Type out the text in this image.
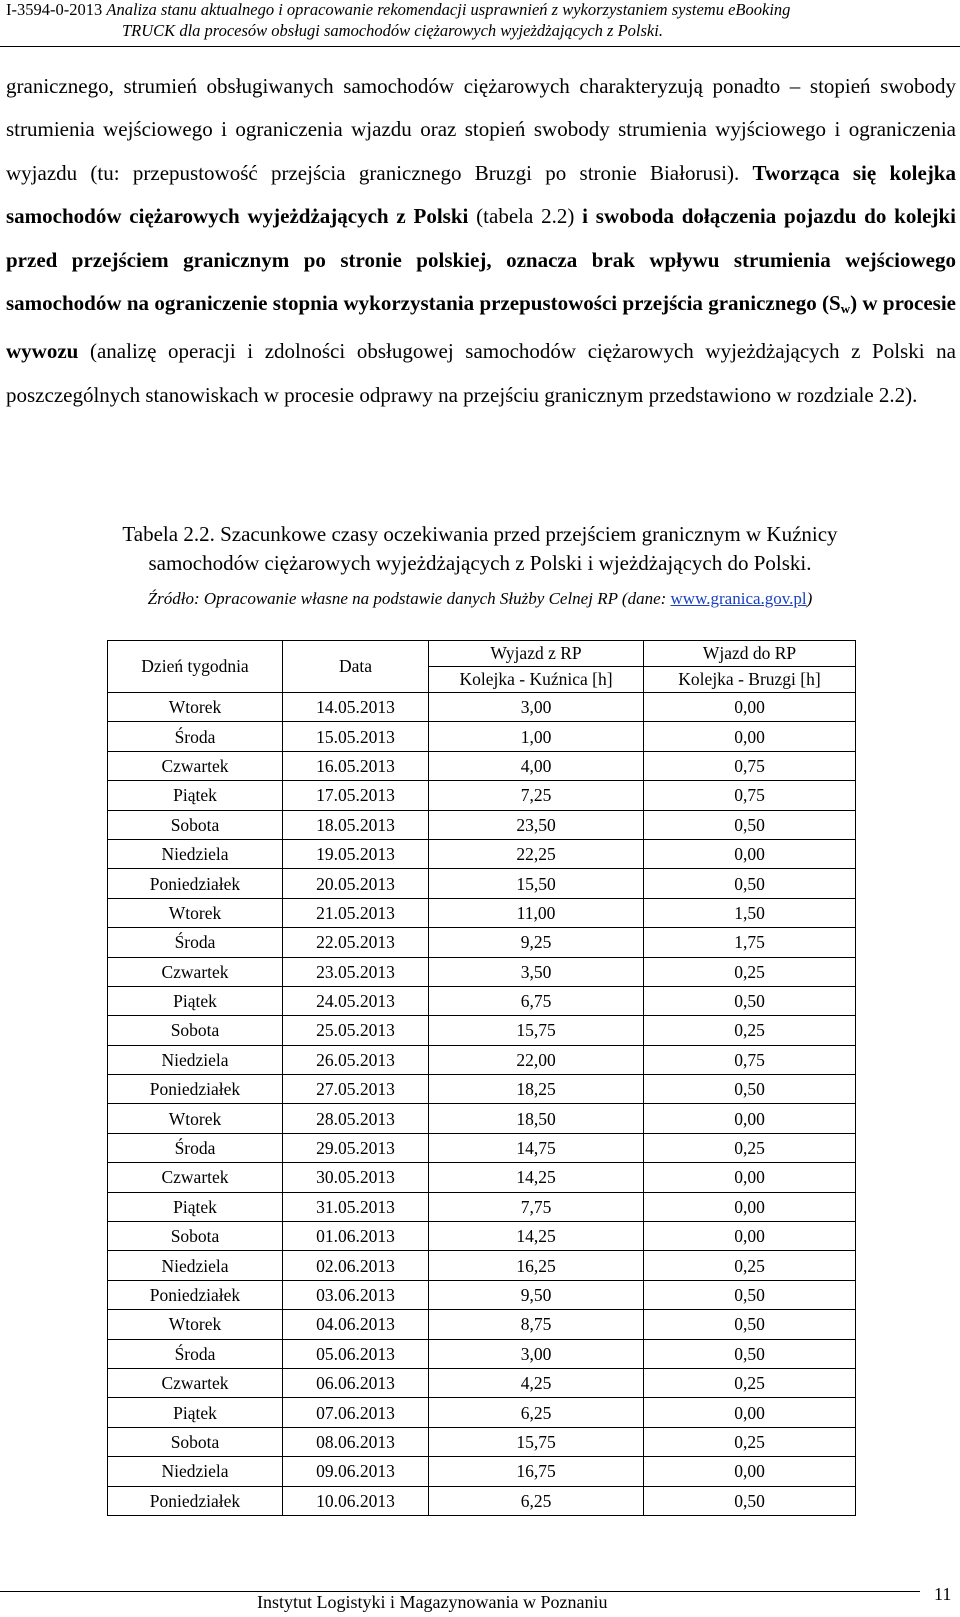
I-3594-0-2013 Analiza stanu aktualnego i opracowanie rekomendacji usprawnień z wykorzystaniem systemu eBooking
TRUCK dla procesów obsługi samochodów ciężarowych wyjeżdżających z Polski.

granicznego, strumień obsługiwanych samochodów ciężarowych charakteryzują ponadto – stopień swobody strumienia wejściowego i ograniczenia wjazdu oraz stopień swobody strumienia wyjściowego i ograniczenia wyjazdu (tu: przepustowość przejścia granicznego Bruzgi po stronie Białorusi). Tworząca się kolejka samochodów ciężarowych wyjeżdżających z Polski (tabela 2.2) i swoboda dołączenia pojazdu do kolejki przed przejściem granicznym po stronie polskiej, oznacza brak wpływu strumienia wejściowego samochodów na ograniczenie stopnia wykorzystania przepustowości przejścia granicznego $(S_w)$ w procesie wywozu (analizę operacji i zdolności obsługowej samochodów ciężarowych wyjeżdżających z Polski na poszczególnych stanowiskach w procesie odprawy na przejściu granicznym przedstawiono w rozdziale 2.2).

Tabela 2.2. Szacunkowe czasy oczekiwania przed przejściem granicznym w Kuźnicy
samochodów ciężarowych wyjeżdżających z Polski i wjeżdżających do Polski.
Źródło: Opracowanie własne na podstawie danych Służby Celnej RP (dane: www.granica.gov.pl)
Dzień tygodnia	Data	Wyjazd z RP	Wjazd do RP
		Kolejka - Kuźnica [h]	Kolejka - Bruzgi [h]
Wtorek	14.05.2013	3,00	0,00
Środa	15.05.2013	1,00	0,00
Czwartek	16.05.2013	4,00	0,75
Piątek	17.05.2013	7,25	0,75
Sobota	18.05.2013	23,50	0,50
Niedziela	19.05.2013	22,25	0,00
Poniedziałek	20.05.2013	15,50	0,50
Wtorek	21.05.2013	11,00	1,50
Środa	22.05.2013	9,25	1,75
Czwartek	23.05.2013	3,50	0,25
Piątek	24.05.2013	6,75	0,50
Sobota	25.05.2013	15,75	0,25
Niedziela	26.05.2013	22,00	0,75
Poniedziałek	27.05.2013	18,25	0,50
Wtorek	28.05.2013	18,50	0,00
Środa	29.05.2013	14,75	0,25
Czwartek	30.05.2013	14,25	0,00
Piątek	31.05.2013	7,75	0,00
Sobota	01.06.2013	14,25	0,00
Niedziela	02.06.2013	16,25	0,25
Poniedziałek	03.06.2013	9,50	0,50
Wtorek	04.06.2013	8,75	0,50
Środa	05.06.2013	3,00	0,50
Czwartek	06.06.2013	4,25	0,25
Piątek	07.06.2013	6,25	0,00
Sobota	08.06.2013	15,75	0,25
Niedziela	09.06.2013	16,75	0,00
Poniedziałek	10.06.2013	6,25	0,50
Instytut Logistyki i Magazynowania w Poznaniu	11
